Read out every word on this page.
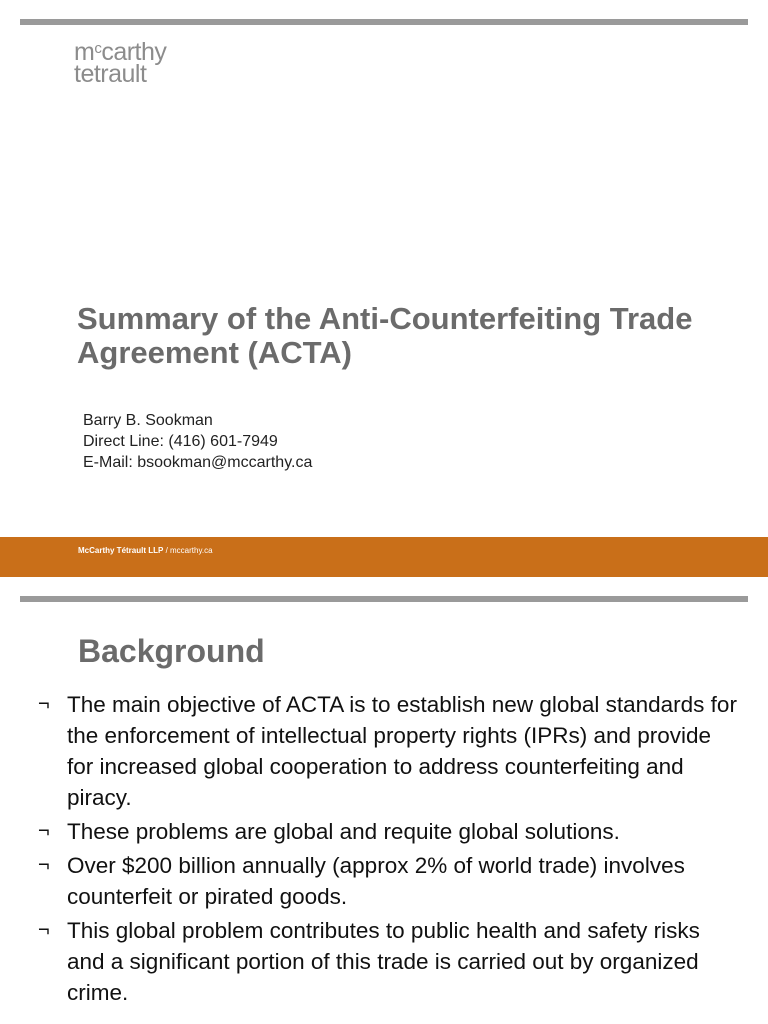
$m^ccarthy$
tetrault
Summary of the Anti-Counterfeiting Trade Agreement (ACTA)
Barry B. Sookman
Direct Line: (416) 601-7949
E-Mail: bsookman@mccarthy.ca
McCarthy Tétrault LLP / mccarthy.ca
Background
¬ The main objective of ACTA is to establish new global standards for the enforcement of intellectual property rights (IPRs) and provide for increased global cooperation to address counterfeiting and piracy.
¬ These problems are global and requite global solutions.
¬ Over $200 billion annually (approx 2% of world trade) involves counterfeit or pirated goods.
¬ This global problem contributes to public health and safety risks and a significant portion of this trade is carried out by organized crime.
